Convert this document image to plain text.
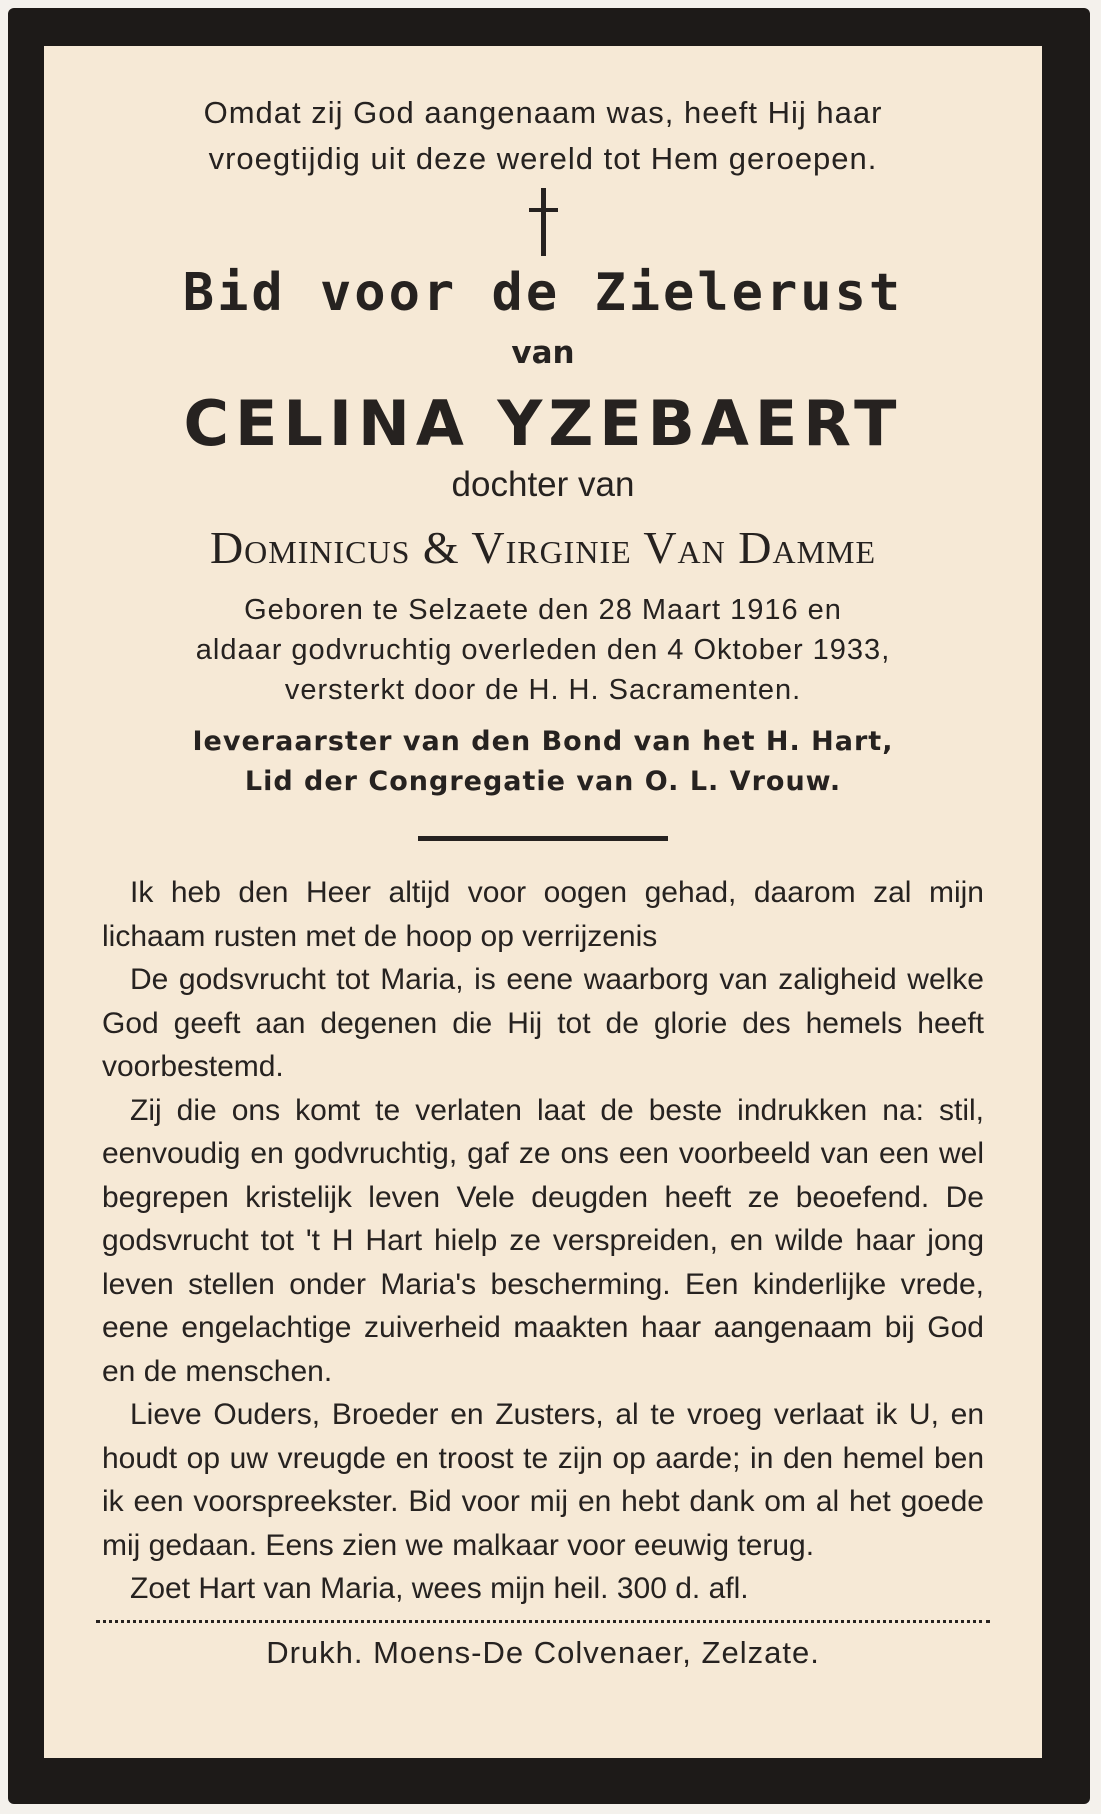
Omdat zij God aangenaam was, heeft Hij haar

vroegtijdig uit deze wereld tot Hem geroepen.

Bid voor de Zielerust

van

CELINA YZEBAERT

dochter van

Dominicus & Virginie Van Damme

Geboren te Selzaete den 28 Maart 1916 en

aldaar godvruchtig overleden den 4 Oktober 1933,

versterkt door de H. H. Sacramenten.

Ieveraarster van den Bond van het H. Hart,

Lid der Congregatie van O. L. Vrouw.

Ik heb den Heer altijd voor oogen gehad, daarom zal mijn lichaam rusten met de hoop op verrijzenis

De godsvrucht tot Maria, is eene waarborg van zaligheid welke God geeft aan degenen die Hij tot de glorie des hemels heeft voorbestemd.

Zij die ons komt te verlaten laat de beste indrukken na: stil, eenvoudig en godvruchtig, gaf ze ons een voorbeeld van een wel begrepen kristelijk leven Vele deugden heeft ze beoefend. De godsvrucht tot 't H Hart hielp ze verspreiden, en wilde haar jong leven stellen onder Maria's bescherming. Een kinderlijke vrede, eene engelachtige zuiverheid maakten haar aangenaam bij God en de menschen.

Lieve Ouders, Broeder en Zusters, al te vroeg verlaat ik U, en houdt op uw vreugde en troost te zijn op aarde; in den hemel ben ik een voorspreekster. Bid voor mij en hebt dank om al het goede mij gedaan. Eens zien we malkaar voor eeuwig terug.

Zoet Hart van Maria, wees mijn heil. 300 d. afl.

Drukh. Moens-De Colvenaer, Zelzate.
